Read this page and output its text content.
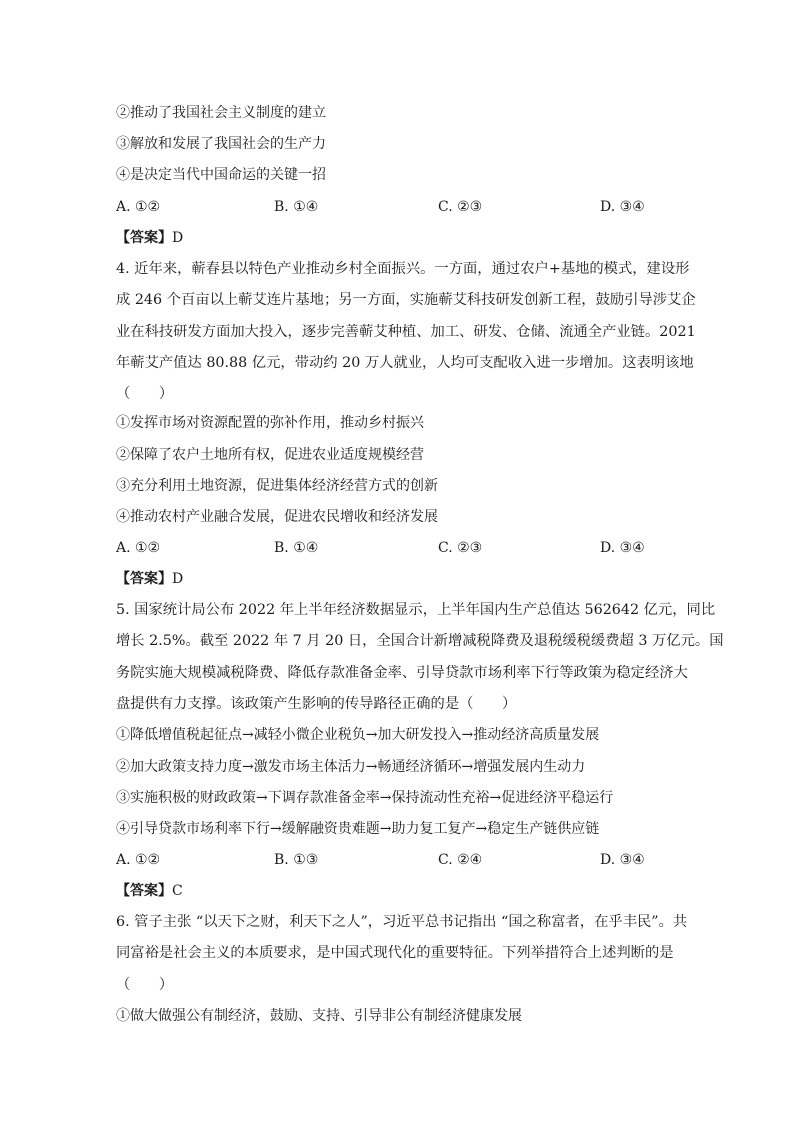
②推动了我国社会主义制度的建立
③解放和发展了我国社会的生产力
④是决定当代中国命运的关键一招
A. ①②	B. ①④	C. ②③	D. ③④
【答案】D
4. 近年来，蕲春县以特色产业推动乡村全面振兴。一方面，通过农户+基地的模式，建设形
成 246 个百亩以上蕲艾连片基地；另一方面，实施蕲艾科技研发创新工程，鼓励引导涉艾企
业在科技研发方面加大投入，逐步完善蕲艾种植、加工、研发、仓储、流通全产业链。2021
年蕲艾产值达 80.88 亿元，带动约 20 万人就业，人均可支配收入进一步增加。这表明该地
（　　）
①发挥市场对资源配置的弥补作用，推动乡村振兴
②保障了农户土地所有权，促进农业适度规模经营
③充分利用土地资源，促进集体经济经营方式的创新
④推动农村产业融合发展，促进农民增收和经济发展
A. ①②	B. ①④	C. ②③	D. ③④
【答案】D
5. 国家统计局公布 2022 年上半年经济数据显示，上半年国内生产总值达 562642 亿元，同比
增长 2.5%。截至 2022 年 7 月 20 日，全国合计新增减税降费及退税缓税缓费超 3 万亿元。国
务院实施大规模减税降费、降低存款准备金率、引导贷款市场利率下行等政策为稳定经济大
盘提供有力支撑。该政策产生影响的传导路径正确的是（　　）
①降低增值税起征点→减轻小微企业税负→加大研发投入→推动经济高质量发展
②加大政策支持力度→激发市场主体活力→畅通经济循环→增强发展内生动力
③实施积极的财政政策→下调存款准备金率→保持流动性充裕→促进经济平稳运行
④引导贷款市场利率下行→缓解融资贵难题→助力复工复产→稳定生产链供应链
A. ①②	B. ①③	C. ②④	D. ③④
【答案】C
6. 管子主张 “以天下之财，利天下之人”，习近平总书记指出 “国之称富者，在乎丰民”。共
同富裕是社会主义的本质要求，是中国式现代化的重要特征。下列举措符合上述判断的是
（　　）
①做大做强公有制经济，鼓励、支持、引导非公有制经济健康发展
